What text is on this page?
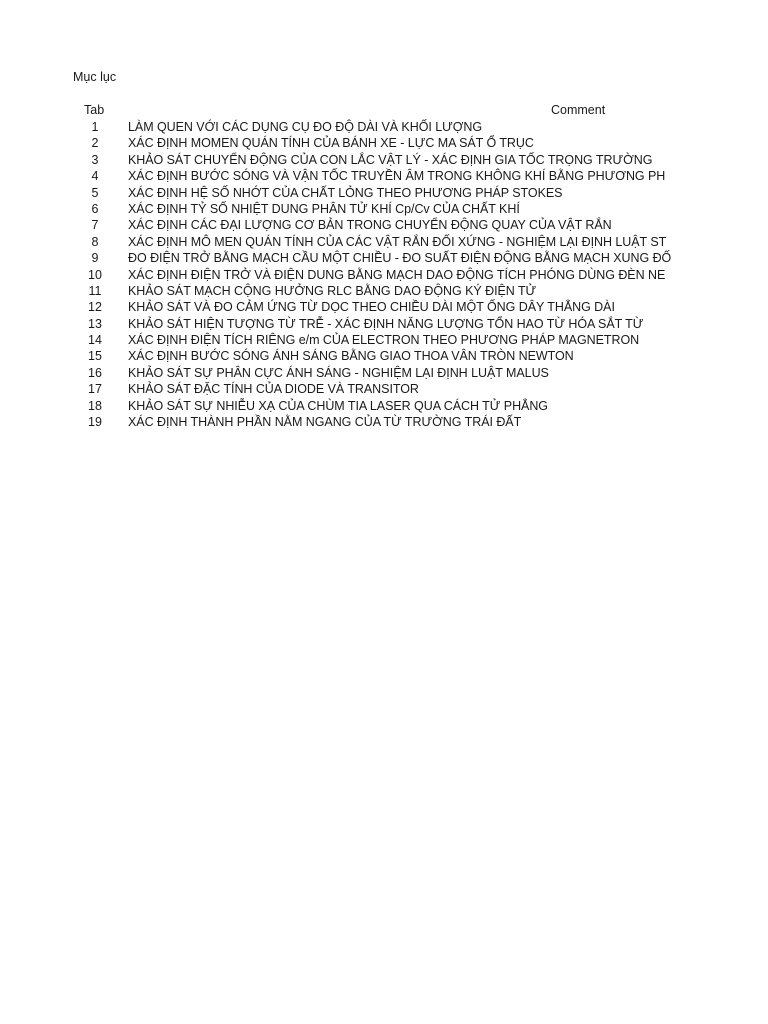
Mục lục
Tab	Comment
1	LÀM QUEN VỚI CÁC DỤNG CỤ ĐO ĐỘ DÀI VÀ KHỐI LƯỢNG
2	XÁC ĐỊNH MOMEN QUÁN TÍNH CỦA BÁNH XE - LỰC MA SÁT Ổ TRỤC
3	KHẢO SÁT CHUYỂN ĐỘNG CỦA CON LẮC VẬT LÝ - XÁC ĐỊNH GIA TỐC TRỌNG TRƯỜNG
4	XÁC ĐỊNH BƯỚC SÓNG VÀ VẬN TỐC TRUYỀN ÂM TRONG KHÔNG KHÍ BẰNG PHƯƠNG PH
5	XÁC ĐỊNH HỆ SỐ NHỚT CỦA CHẤT LỎNG THEO PHƯƠNG PHÁP STOKES
6	XÁC ĐỊNH TỶ SỐ NHIỆT DUNG PHÂN TỬ KHÍ Cp/Cv CỦA CHẤT KHÍ
7	XÁC ĐỊNH CÁC ĐẠI LƯỢNG CƠ BẢN TRONG CHUYỂN ĐỘNG QUAY CỦA VẬT RẮN
8	XÁC ĐỊNH MÔ MEN QUÁN TÍNH CỦA CÁC VẬT RẮN ĐỐI XỨNG - NGHIỆM LẠI ĐỊNH LUẬT ST
9	ĐO ĐIỆN TRỞ BẰNG MẠCH CẦU MỘT CHIỀU - ĐO SUẤT ĐIỆN ĐỘNG BẰNG MẠCH XUNG ĐỐ
10	XÁC ĐỊNH ĐIỆN TRỞ VÀ ĐIỆN DUNG BẰNG MẠCH DAO ĐỘNG TÍCH PHÓNG DÙNG ĐÈN NE
11	KHẢO SÁT MẠCH CỘNG HƯỞNG RLC BẰNG DAO ĐỘNG KÝ ĐIỆN TỬ
12	KHẢO SÁT VÀ ĐO CẢM ỨNG TỪ DỌC THEO CHIỀU DÀI MỘT ỐNG DÂY THẲNG DÀI
13	KHẢO SÁT HIỆN TƯỢNG TỪ TRỄ - XÁC ĐỊNH NĂNG LƯỢNG TỔN HAO TỪ HÓA SẮT TỪ
14	XÁC ĐỊNH ĐIỆN TÍCH RIÊNG e/m CỦA ELECTRON THEO PHƯƠNG PHÁP MAGNETRON
15	XÁC ĐỊNH BƯỚC SÓNG ÁNH SÁNG BẰNG GIAO THOA VÂN TRÒN NEWTON
16	KHẢO SÁT SỰ PHÂN CỰC ÁNH SÁNG - NGHIỆM LẠI ĐỊNH LUẬT MALUS
17	KHẢO SÁT ĐẶC TÍNH CỦA DIODE VÀ TRANSITOR
18	KHẢO SÁT SỰ NHIỄU XẠ CỦA CHÙM TIA LASER QUA CÁCH TỬ PHẲNG
19	XÁC ĐỊNH THÀNH PHẦN NẰM NGANG CỦA TỪ TRƯỜNG TRÁI ĐẤT
